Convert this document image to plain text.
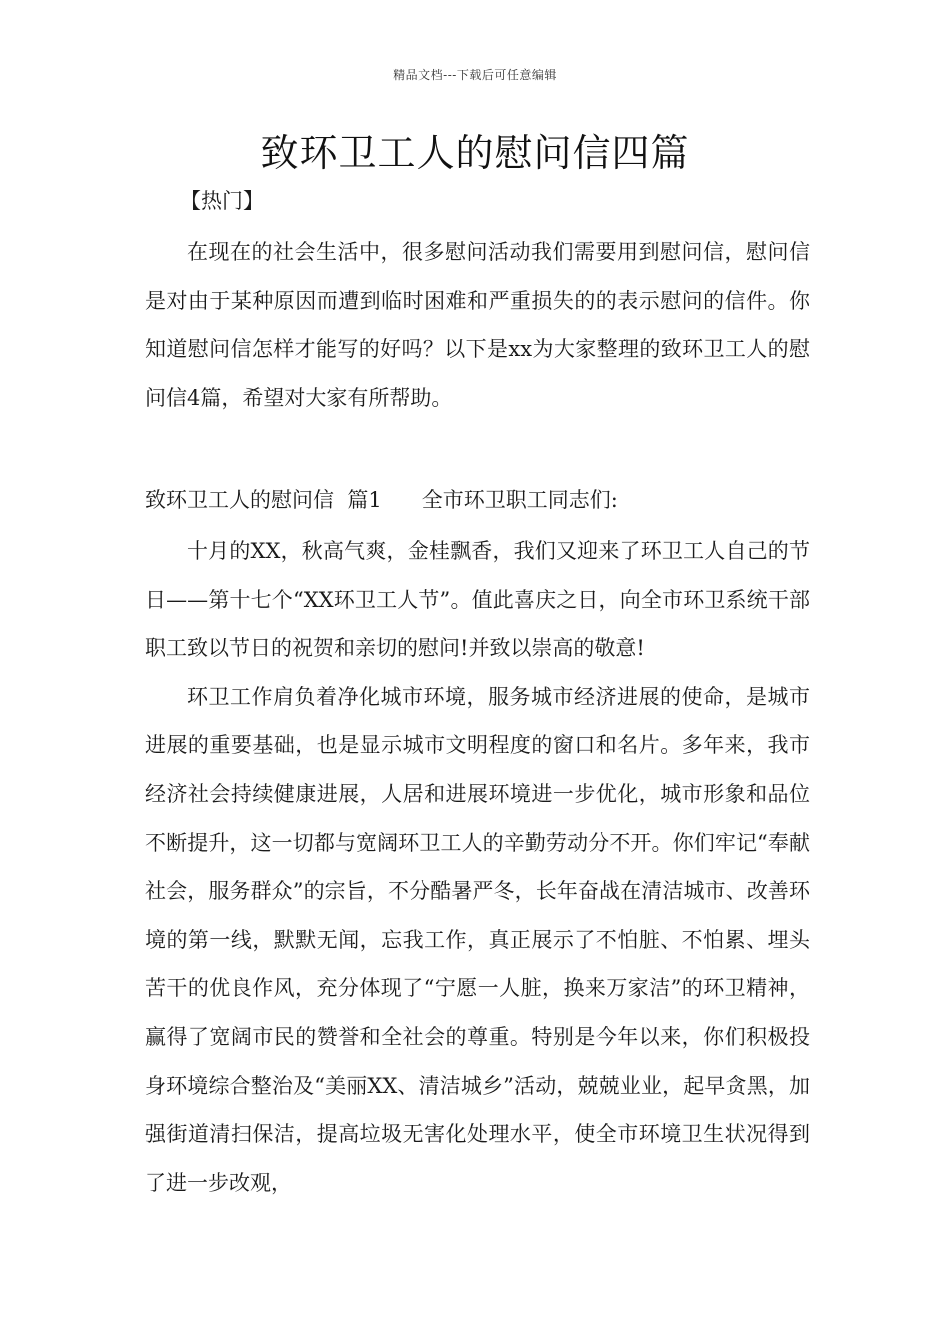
精品文档---下载后可任意编辑
致环卫工人的慰问信四篇
【热门】

在现在的社会生活中，很多慰问活动我们需要用到慰问信，慰问信是对由于某种原因而遭到临时困难和严重损失的的表示慰问的信件。你知道慰问信怎样才能写的好吗？以下是xx为大家整理的致环卫工人的慰问信4篇，希望对大家有所帮助。

致环卫工人的慰问信  篇1 全市环卫职工同志们:

十月的XX，秋高气爽，金桂飘香，我们又迎来了环卫工人自己的节日——第十七个“XX环卫工人节”。值此喜庆之日，向全市环卫系统干部职工致以节日的祝贺和亲切的慰问!并致以崇高的敬意!

环卫工作肩负着净化城市环境，服务城市经济进展的使命，是城市进展的重要基础，也是显示城市文明程度的窗口和名片。多年来，我市经济社会持续健康进展，人居和进展环境进一步优化，城市形象和品位不断提升，这一切都与宽阔环卫工人的辛勤劳动分不开。你们牢记“奉献社会，服务群众”的宗旨，不分酷暑严冬，长年奋战在清洁城市、改善环境的第一线，默默无闻，忘我工作，真正展示了不怕脏、不怕累、埋头苦干的优良作风，充分体现了“宁愿一人脏，换来万家洁”的环卫精神，赢得了宽阔市民的赞誉和全社会的尊重。特别是今年以来，你们积极投身环境综合整治及“美丽XX、清洁城乡”活动，兢兢业业，起早贪黑，加强街道清扫保洁，提高垃圾无害化处理水平，使全市环境卫生状况得到了进一步改观，
